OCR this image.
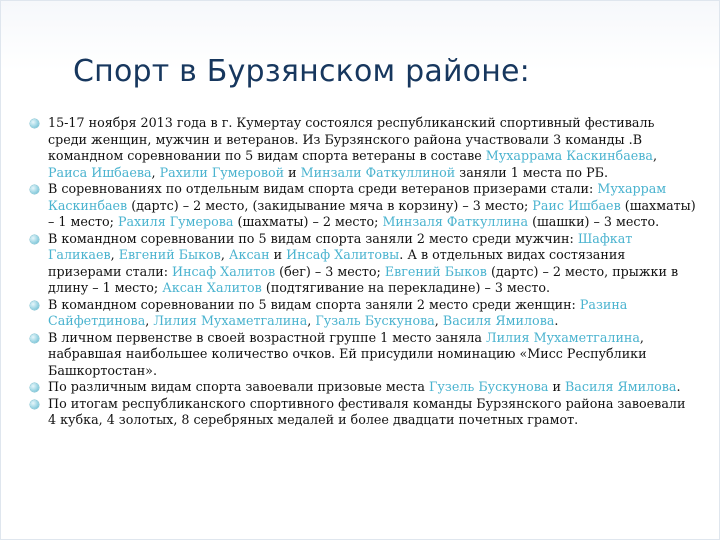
Спорт в Бурзянском районе:
15-17 ноября 2013 года в г. Кумертау состоялся республиканский спортивный фестиваль среди женщин, мужчин и ветеранов. Из Бурзянского района участвовали 3 команды .В командном соревновании по 5 видам спорта ветераны в составе Мухаррама Каскинбаева, Раиса Ишбаева, Рахили Гумеровой и Минзали Фаткуллиной заняли 1 места по РБ.
В соревнованиях по отдельным видам спорта среди ветеранов призерами стали: Мухаррам Каскинбаев (дартс) – 2 место, (закидывание мяча в корзину) – 3 место; Раис Ишбаев (шахматы) – 1 место; Рахиля Гумерова (шахматы) – 2 место; Минзаля Фаткуллина (шашки) – 3 место.
В командном соревновании по 5 видам спорта заняли 2 место среди мужчин: Шафкат Галикаев, Евгений Быков, Аксан и Инсаф Халитовы. А в отдельных видах состязания призерами стали: Инсаф Халитов (бег) – 3 место; Евгений Быков (дартс) – 2 место, прыжки в длину – 1 место; Аксан Халитов (подтягивание на перекладине) – 3 место.
В командном соревновании по 5 видам спорта заняли 2 место среди женщин: Разина Сайфетдинова, Лилия Мухаметгалина, Гузаль Бускунова, Василя Ямилова.
В личном первенстве в своей возрастной группе 1 место заняла Лилия Мухаметгалина, набравшая наибольшее количество очков. Ей присудили номинацию «Мисс Республики Башкортостан».
По различным видам спорта завоевали призовые места Гузель Бускунова и Василя Ямилова.
По итогам республиканского спортивного фестиваля команды Бурзянского района завоевали 4 кубка, 4 золотых, 8 серебряных медалей и более двадцати почетных грамот.
